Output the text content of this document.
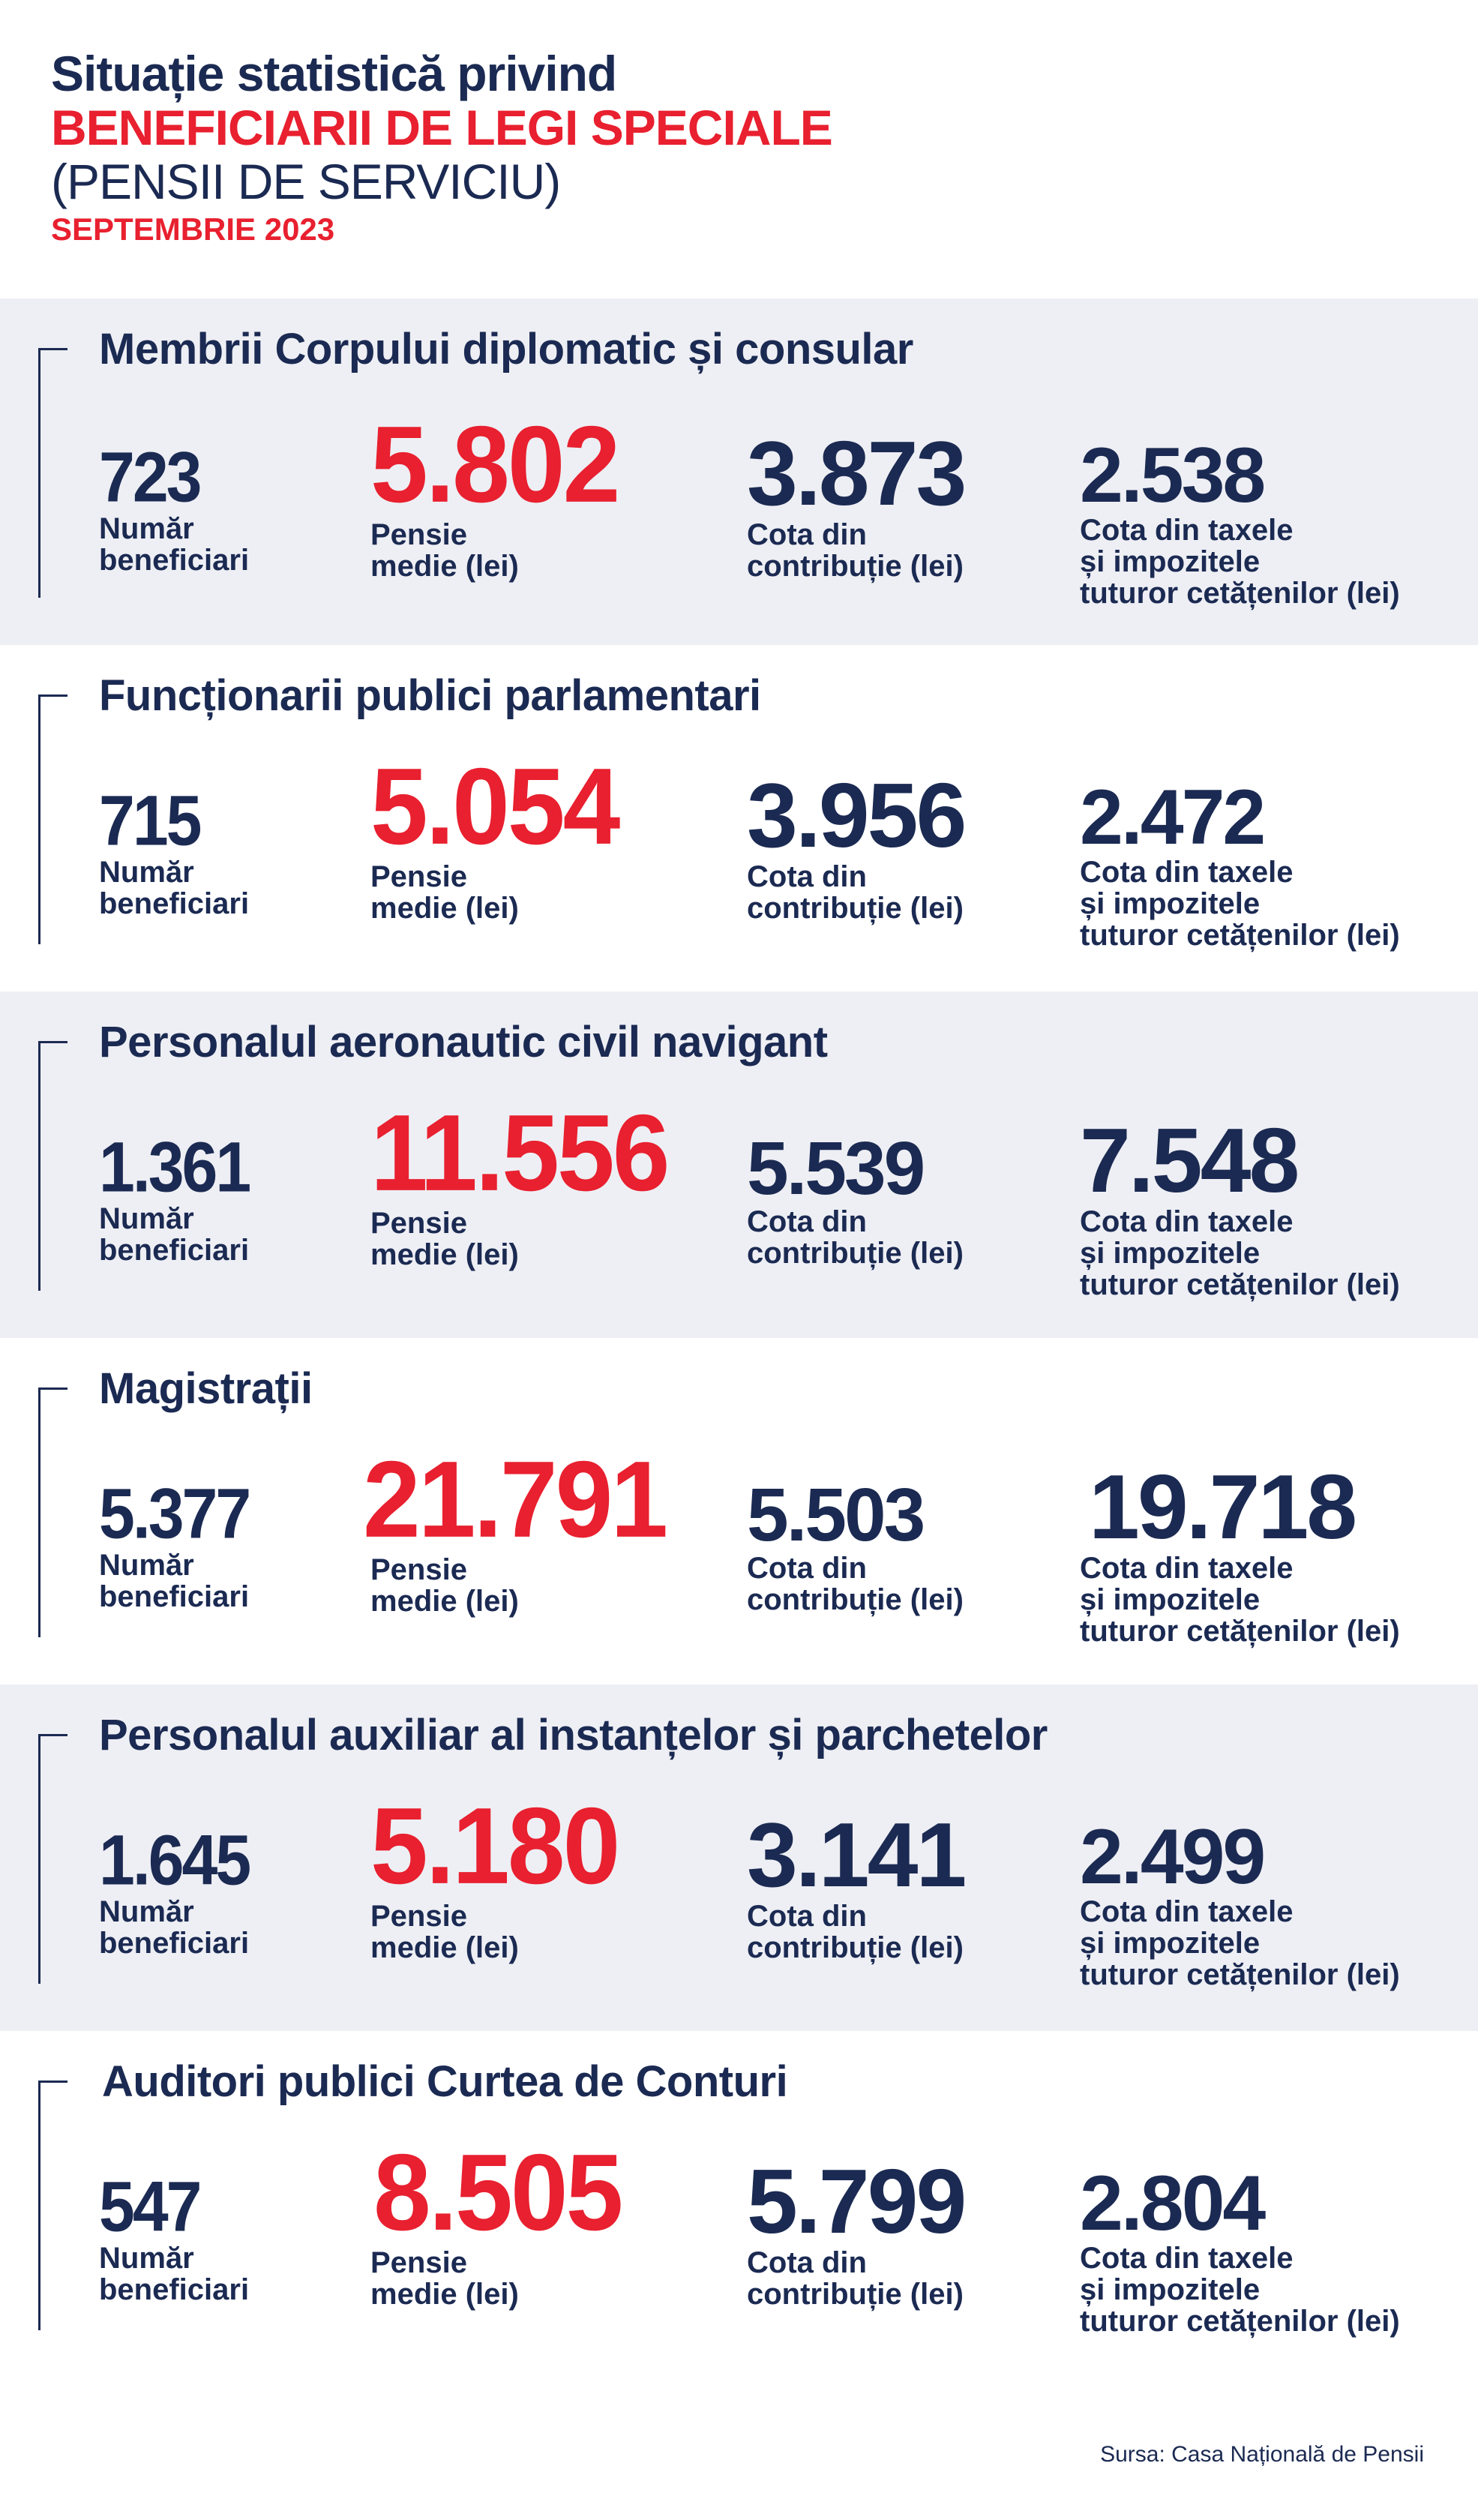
Situație statistică privind
BENEFICIARII DE LEGI SPECIALE
(PENSII DE SERVICIU)
SEPTEMBRIE 2023
Membrii Corpului diplomatic și consular
723
Număr
beneficiari
5.802
Pensie
medie (lei)
3.873
Cota din
contribuție (lei)
2.538
Cota din taxele
și impozitele
tuturor cetățenilor (lei)
Funcționarii publici parlamentari
715
Număr
beneficiari
5.054
Pensie
medie (lei)
3.956
Cota din
contribuție (lei)
2.472
Cota din taxele
și impozitele
tuturor cetățenilor (lei)
Personalul aeronautic civil navigant
1.361
Număr
beneficiari
11.556
Pensie
medie (lei)
5.539
Cota din
contribuție (lei)
7.548
Cota din taxele
și impozitele
tuturor cetățenilor (lei)
Magistrații
5.377
Număr
beneficiari
21.791
Pensie
medie (lei)
5.503
Cota din
contribuție (lei)
19.718
Cota din taxele
și impozitele
tuturor cetățenilor (lei)
Personalul auxiliar al instanțelor și parchetelor
1.645
Număr
beneficiari
5.180
Pensie
medie (lei)
3.141
Cota din
contribuție (lei)
2.499
Cota din taxele
și impozitele
tuturor cetățenilor (lei)
Auditori publici Curtea de Conturi
547
Număr
beneficiari
8.505
Pensie
medie (lei)
5.799
Cota din
contribuție (lei)
2.804
Cota din taxele
și impozitele
tuturor cetățenilor (lei)
Sursa: Casa Națională de Pensii
